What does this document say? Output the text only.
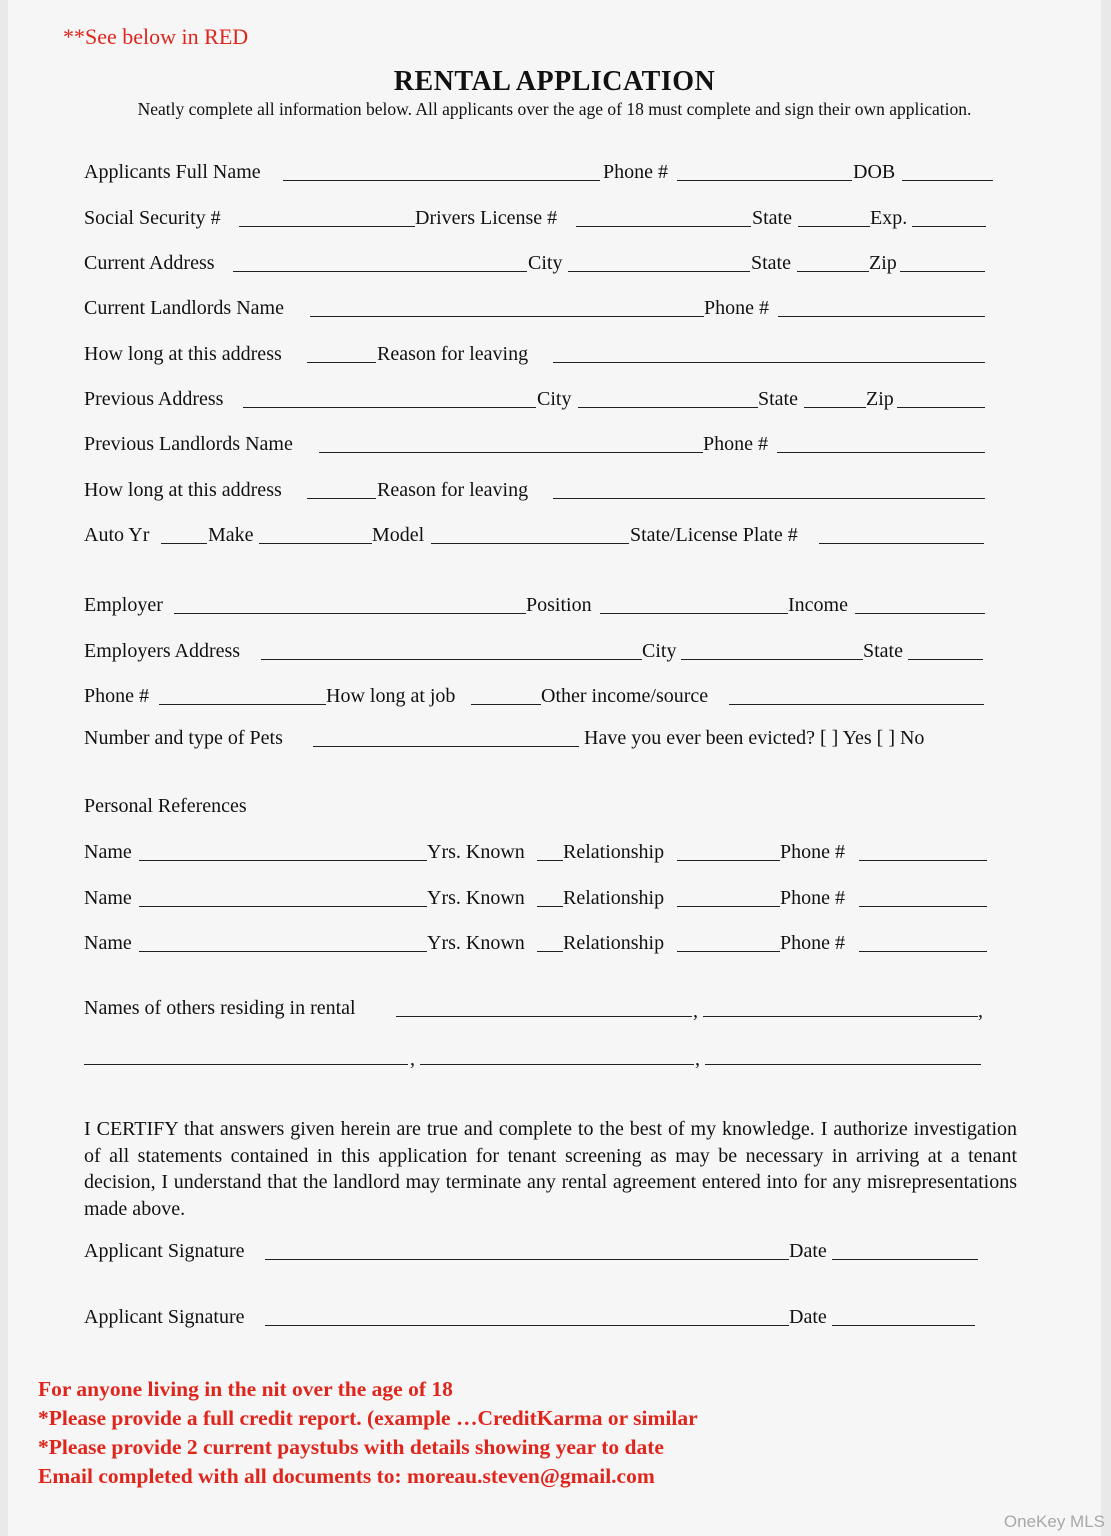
**See below in RED
RENTAL APPLICATION
Neatly complete all information below. All applicants over the age of 18 must complete and sign their own application.
Applicants Full Name	Phone #	DOB
Social Security #	Drivers License #	State	Exp.
Current Address	City	State	Zip
Current Landlords Name	Phone #
How long at this address	Reason for leaving
Previous Address	City	State	Zip
Previous Landlords Name	Phone #
How long at this address	Reason for leaving
Auto Yr	Make	Model	State/License Plate #
Employer	Position	Income
Employers Address	City	State
Phone #	How long at job	Other income/source
Number and type of Pets	Have you ever been evicted? [ ] Yes [ ] No
Personal References
Name	Yrs. Known Relationship	Phone #
Name	Yrs. Known Relationship	Phone #
Name	Yrs. Known Relationship	Phone #
Names of others residing in rental	,	,
,	,
I CERTIFY that answers given herein are true and complete to the best of my knowledge. I authorize investigation of all statements contained in this application for tenant screening as may be necessary in arriving at a tenant decision, I understand that the landlord may terminate any rental agreement entered into for any misrepresentations made above.
Applicant Signature	Date
Applicant Signature	Date
For anyone living in the nit over the age of 18
*Please provide a full credit report. (example …CreditKarma or similar
*Please provide 2 current paystubs with details showing year to date
Email completed with all documents to: moreau.steven@gmail.com
OneKey MLS
